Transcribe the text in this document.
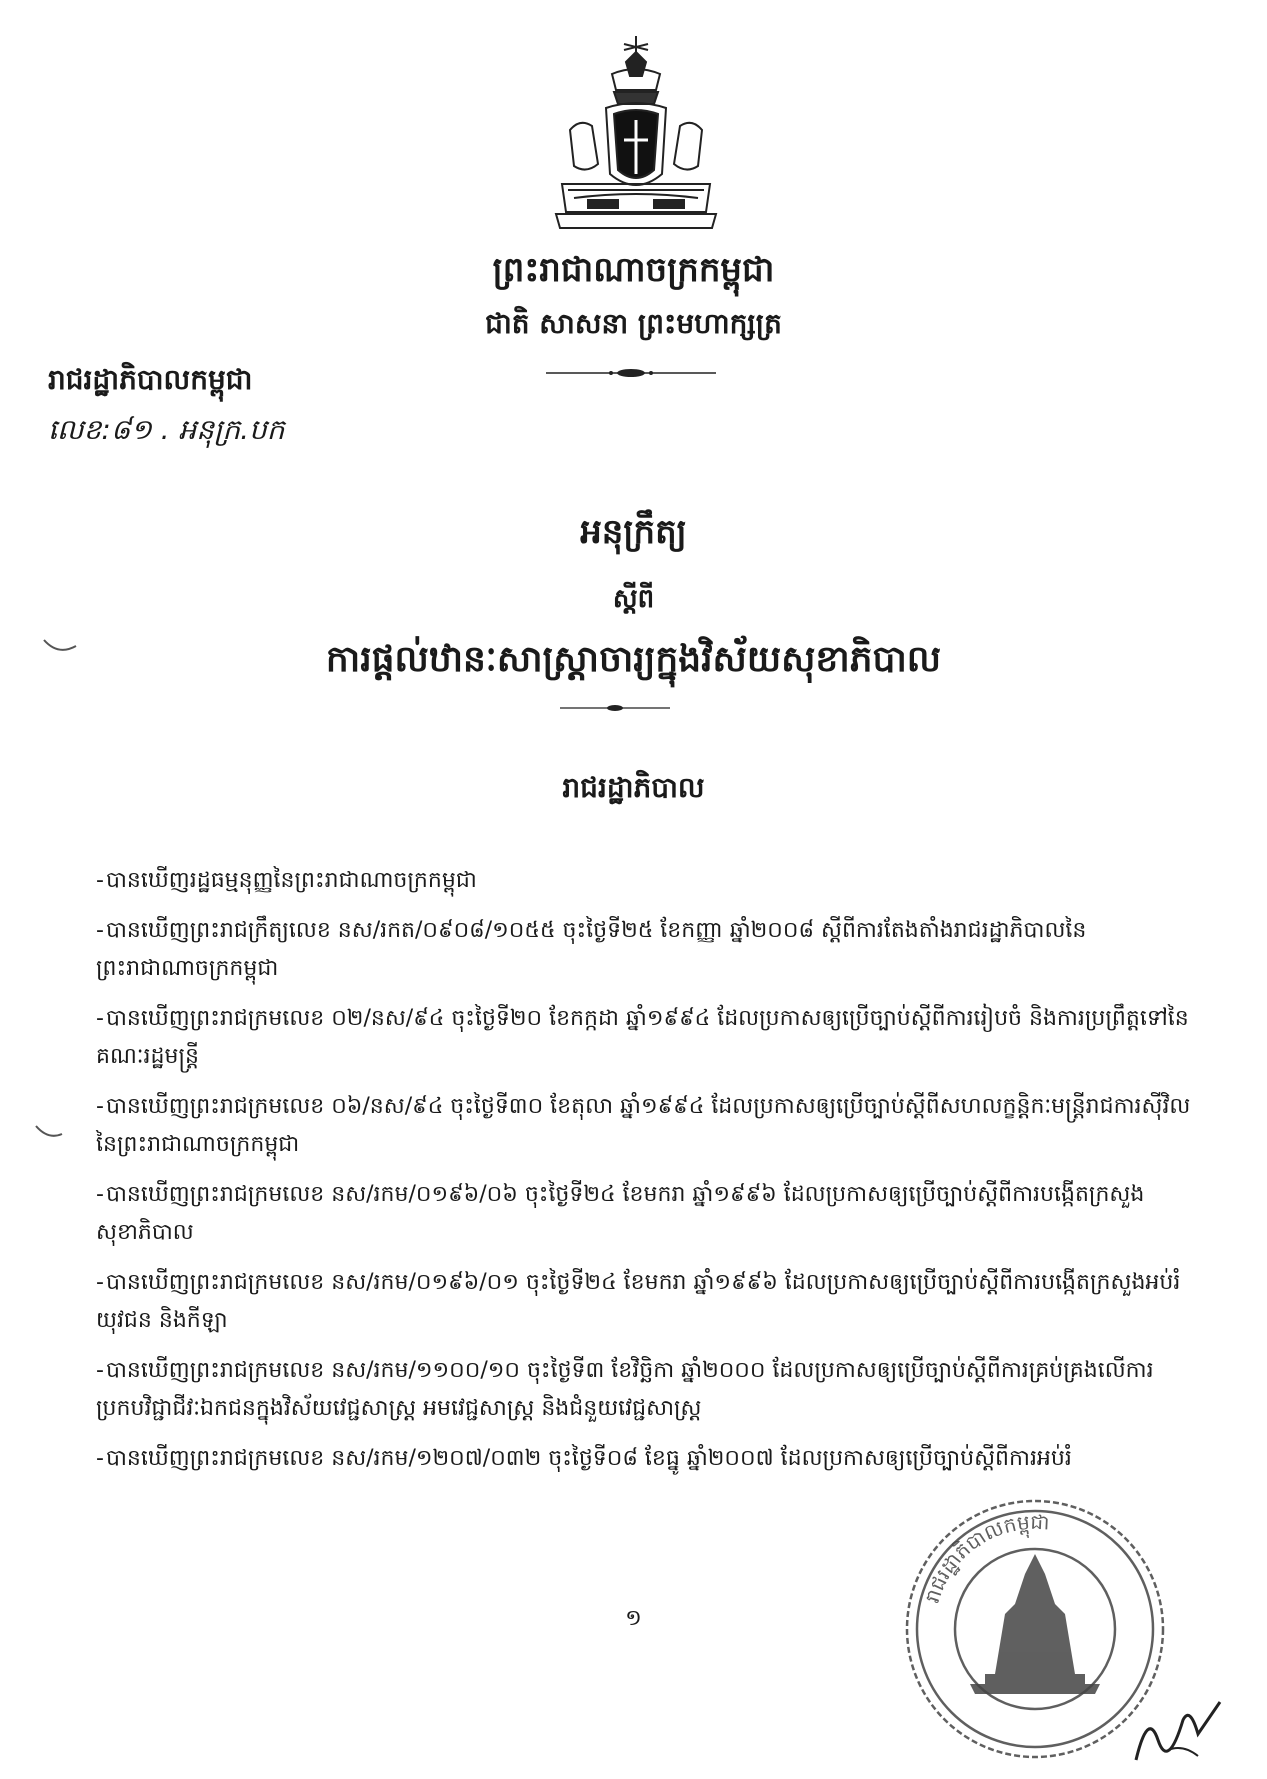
ព្រះរាជាណាចក្រកម្ពុជា
ជាតិ សាសនា ព្រះមហាក្សត្រ
រាជរដ្ឋាភិបាលកម្ពុជា
លេខ:៨១ . អនុក្រ.បក
អនុក្រឹត្យ
ស្តីពី
ការផ្តល់ឋានៈសាស្ត្រាចារ្យក្នុងវិស័យសុខាភិបាល
រាជរដ្ឋាភិបាល
-បានឃើញរដ្ឋធម្មនុញ្ញនៃព្រះរាជាណាចក្រកម្ពុជា
-បានឃើញព្រះរាជក្រឹត្យលេខ នស/រកត/០៩០៨/១០៥៥ ចុះថ្ងៃទី២៥ ខែកញ្ញា ឆ្នាំ២០០៨ ស្តីពីការតែងតាំងរាជរដ្ឋាភិបាលនៃព្រះរាជាណាចក្រកម្ពុជា
-បានឃើញព្រះរាជក្រមលេខ ០២/នស/៩៤ ចុះថ្ងៃទី២០ ខែកក្កដា ឆ្នាំ១៩៩៤ ដែលប្រកាសឲ្យប្រើច្បាប់ស្តីពីការរៀបចំ និងការប្រព្រឹត្តទៅនៃគណៈរដ្ឋមន្ត្រី
-បានឃើញព្រះរាជក្រមលេខ ០៦/នស/៩៤ ចុះថ្ងៃទី៣០ ខែតុលា ឆ្នាំ១៩៩៤ ដែលប្រកាសឲ្យប្រើច្បាប់ស្តីពីសហលក្ខន្តិកៈមន្ត្រីរាជការស៊ីវិលនៃព្រះរាជាណាចក្រកម្ពុជា
-បានឃើញព្រះរាជក្រមលេខ នស/រកម/០១៩៦/០៦ ចុះថ្ងៃទី២៤ ខែមករា ឆ្នាំ១៩៩៦ ដែលប្រកាសឲ្យប្រើច្បាប់ស្តីពីការបង្កើតក្រសួងសុខាភិបាល
-បានឃើញព្រះរាជក្រមលេខ នស/រកម/០១៩៦/០១ ចុះថ្ងៃទី២៤ ខែមករា ឆ្នាំ១៩៩៦ ដែលប្រកាសឲ្យប្រើច្បាប់ស្តីពីការបង្កើតក្រសួងអប់រំ យុវជន និងកីឡា
-បានឃើញព្រះរាជក្រមលេខ នស/រកម/១១០០/១០ ចុះថ្ងៃទី៣ ខែវិច្ឆិកា ឆ្នាំ២០០០ ដែលប្រកាសឲ្យប្រើច្បាប់ស្តីពីការគ្រប់គ្រងលើការប្រកបវិជ្ជាជីវៈឯកជនក្នុងវិស័យវេជ្ជសាស្ត្រ អមវេជ្ជសាស្ត្រ និងជំនួយវេជ្ជសាស្ត្រ
-បានឃើញព្រះរាជក្រមលេខ នស/រកម/១២០៧/០៣២ ចុះថ្ងៃទី០៨ ខែធ្នូ ឆ្នាំ២០០៧ ដែលប្រកាសឲ្យប្រើច្បាប់ស្តីពីការអប់រំ
១
រាជរដ្ឋាភិបាលកម្ពុជា
